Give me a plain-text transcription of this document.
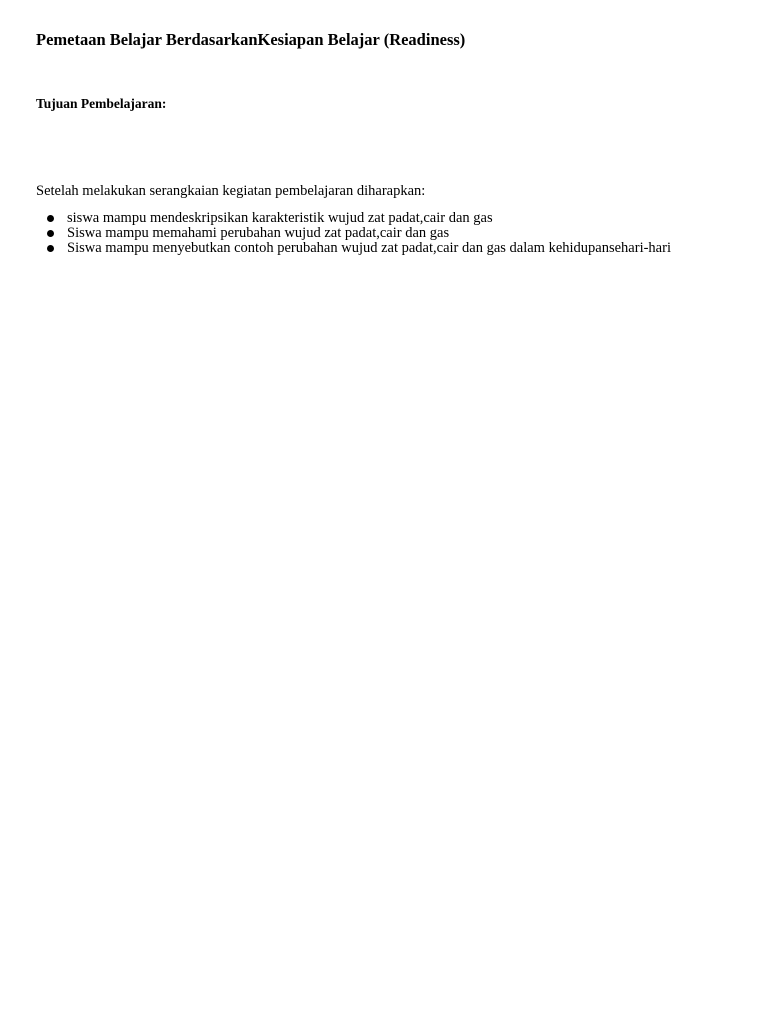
Pemetaan Belajar BerdasarkanKesiapan Belajar (Readiness)
Tujuan Pembelajaran:

Setelah melakukan serangkaian kegiatan pembelajaran diharapkan:

siswa mampu mendeskripsikan karakteristik wujud zat padat,cair dan gas
Siswa mampu memahami perubahan wujud zat padat,cair dan gas
Siswa mampu menyebutkan contoh perubahan wujud zat padat,cair dan gas dalam kehidupansehari-hari
